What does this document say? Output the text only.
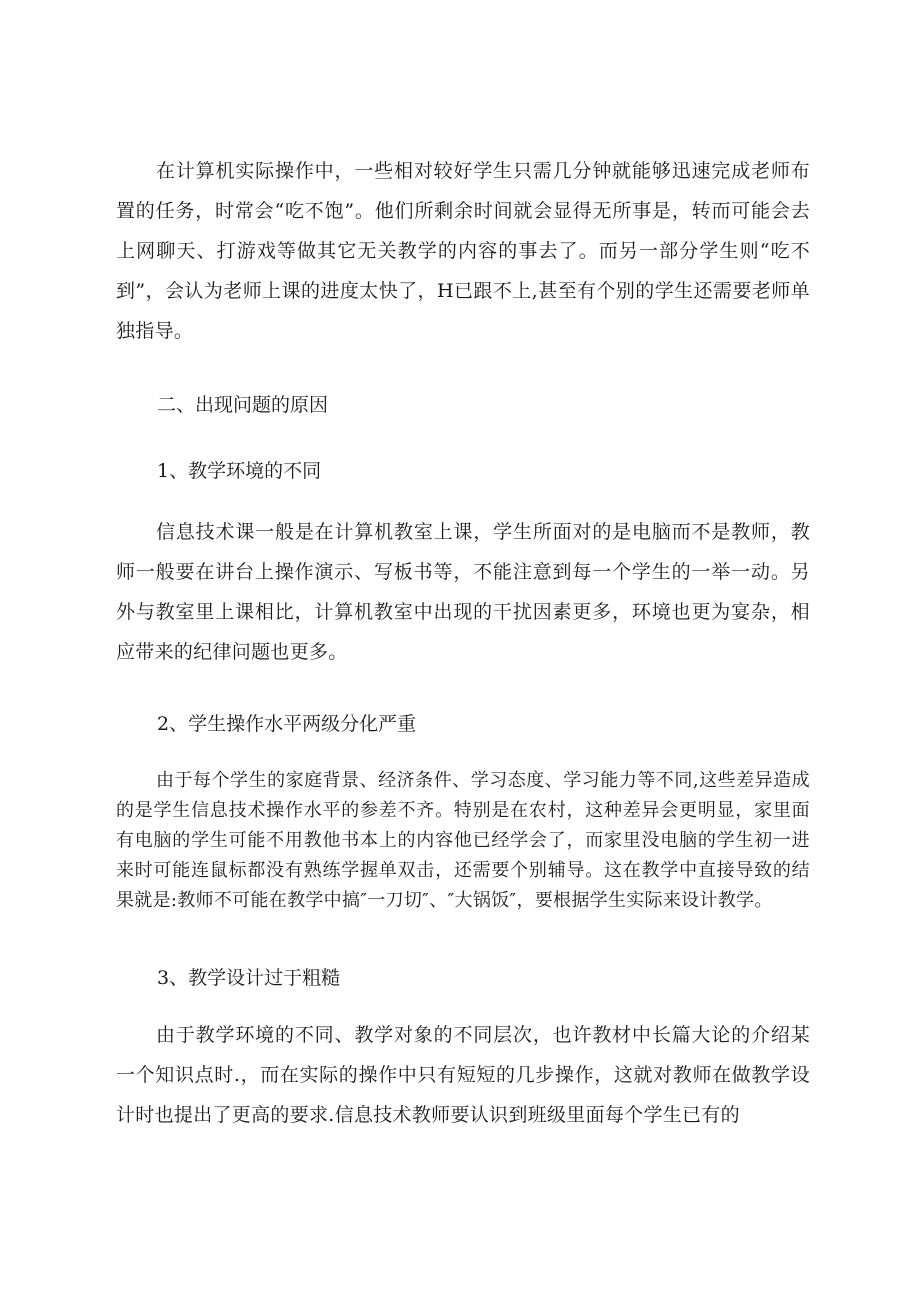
在计算机实际操作中，一些相对较好学生只需几分钟就能够迅速完成老师布置的任务，时常会“吃不饱”。他们所剩余时间就会显得无所事是，转而可能会去上网聊天、打游戏等做其它无关教学的内容的事去了。而另一部分学生则“吃不到”，会认为老师上课的进度太快了，H已跟不上,甚至有个别的学生还需要老师单独指导。

二、出现问题的原因

1、教学环境的不同

信息技术课一般是在计算机教室上课，学生所面对的是电脑而不是教师，教师一般要在讲台上操作演示、写板书等，不能注意到每一个学生的一举一动。另外与教室里上课相比，计算机教室中出现的干扰因素更多，环境也更为宴杂，相应带来的纪律问题也更多。

2、学生操作水平两级分化严重

由于每个学生的家庭背景、经济条件、学习态度、学习能力等不同,这些差异造成的是学生信息技术操作水平的参差不齐。特别是在农村，这种差异会更明显，家里面有电脑的学生可能不用教他书本上的内容他已经学会了，而家里没电脑的学生初一进来时可能连鼠标都没有熟练学握单双击，还需要个别辅导。这在教学中直接导致的结果就是:教师不可能在教学中搞″一刀切″、″大锅饭″，要根据学生实际来设计教学。

3、教学设计过于粗糙

由于教学环境的不同、教学对象的不同层次，也许教材中长篇大论的介绍某一个知识点时.，而在实际的操作中只有短短的几步操作，这就对教师在做教学设计时也提出了更高的要求.信息技术教师要认识到班级里面每个学生已有的
